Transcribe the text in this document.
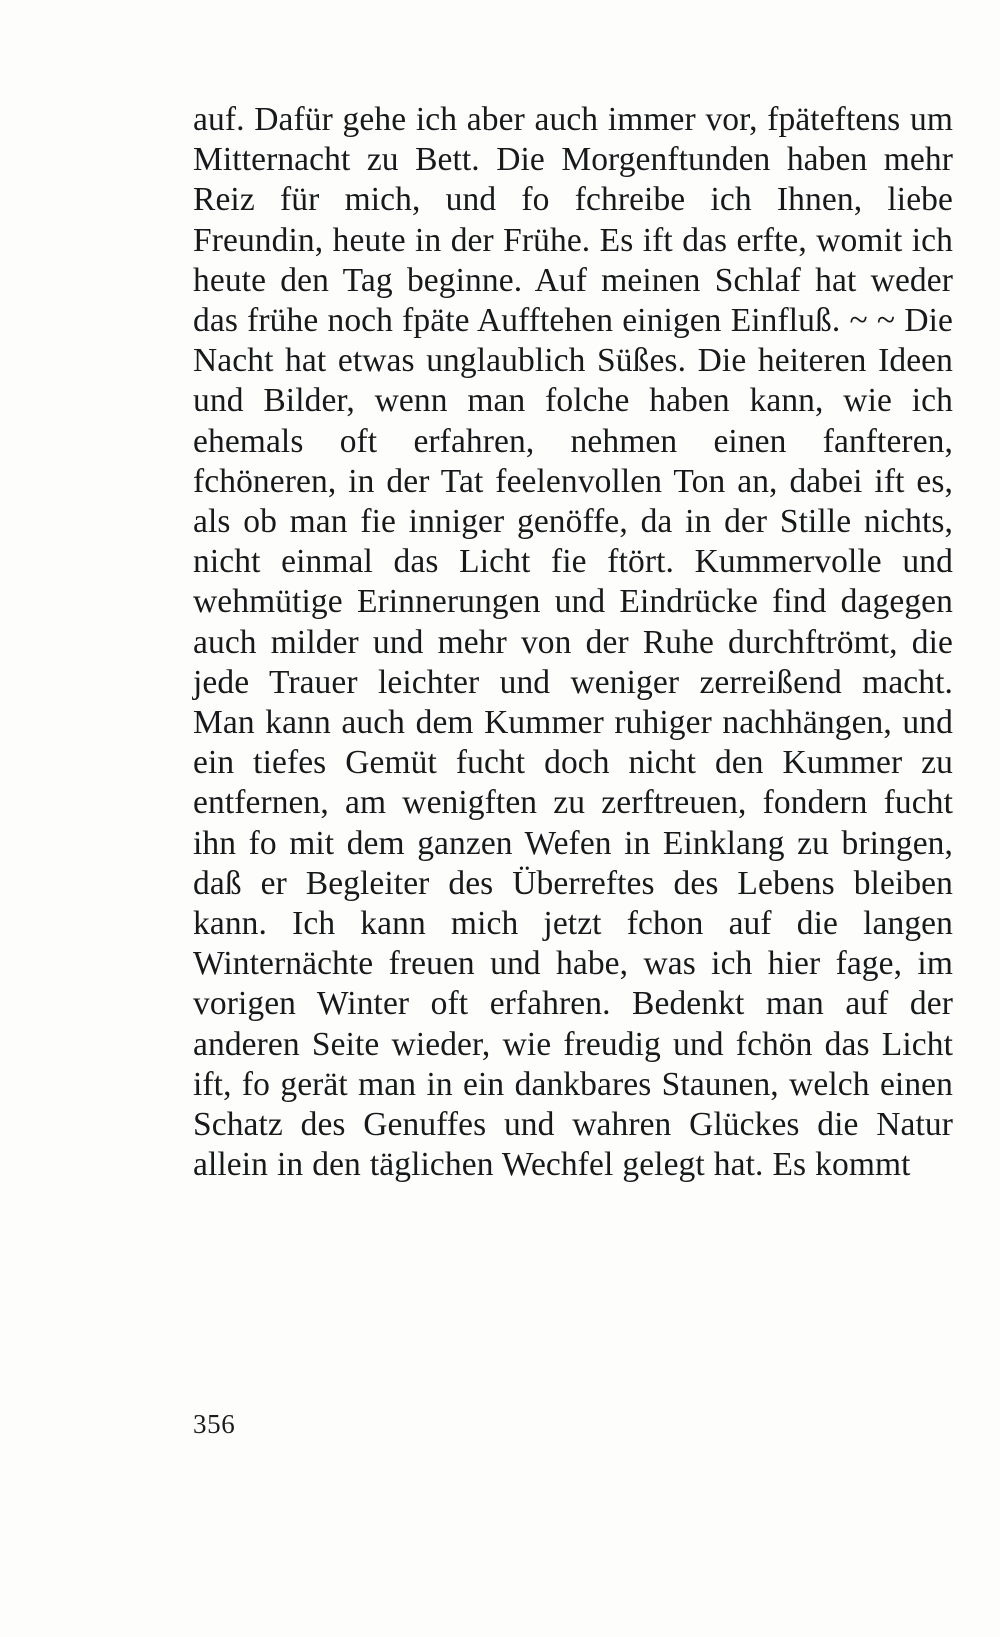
auf. Dafür gehe ich aber auch immer vor, fpäteftens um Mitternacht zu Bett. Die Morgenftunden haben mehr Reiz für mich, und fo fchreibe ich Ihnen, liebe Freundin, heute in der Frühe. Es ift das erfte, womit ich heute den Tag beginne. Auf meinen Schlaf hat weder das frühe noch fpäte Aufftehen einigen Einfluß. ~ ~ Die Nacht hat etwas unglaublich Süßes. Die heiteren Ideen und Bilder, wenn man folche haben kann, wie ich ehemals oft erfahren, nehmen einen fanfteren, fchöneren, in der Tat feelenvollen Ton an, dabei ift es, als ob man fie inniger genöffe, da in der Stille nichts, nicht einmal das Licht fie ftört. Kummervolle und wehmütige Erinnerungen und Eindrücke find dagegen auch milder und mehr von der Ruhe durchftrömt, die jede Trauer leichter und weniger zerreißend macht. Man kann auch dem Kummer ruhiger nachhängen, und ein tiefes Gemüt fucht doch nicht den Kummer zu entfernen, am wenigften zu zerftreuen, fondern fucht ihn fo mit dem ganzen Wefen in Einklang zu bringen, daß er Begleiter des Überreftes des Lebens bleiben kann. Ich kann mich jetzt fchon auf die langen Winternächte freuen und habe, was ich hier fage, im vorigen Winter oft erfahren. Bedenkt man auf der anderen Seite wieder, wie freudig und fchön das Licht ift, fo gerät man in ein dankbares Staunen, welch einen Schatz des Genuffes und wahren Glückes die Natur allein in den täglichen Wechfel gelegt hat. Es kommt

356
